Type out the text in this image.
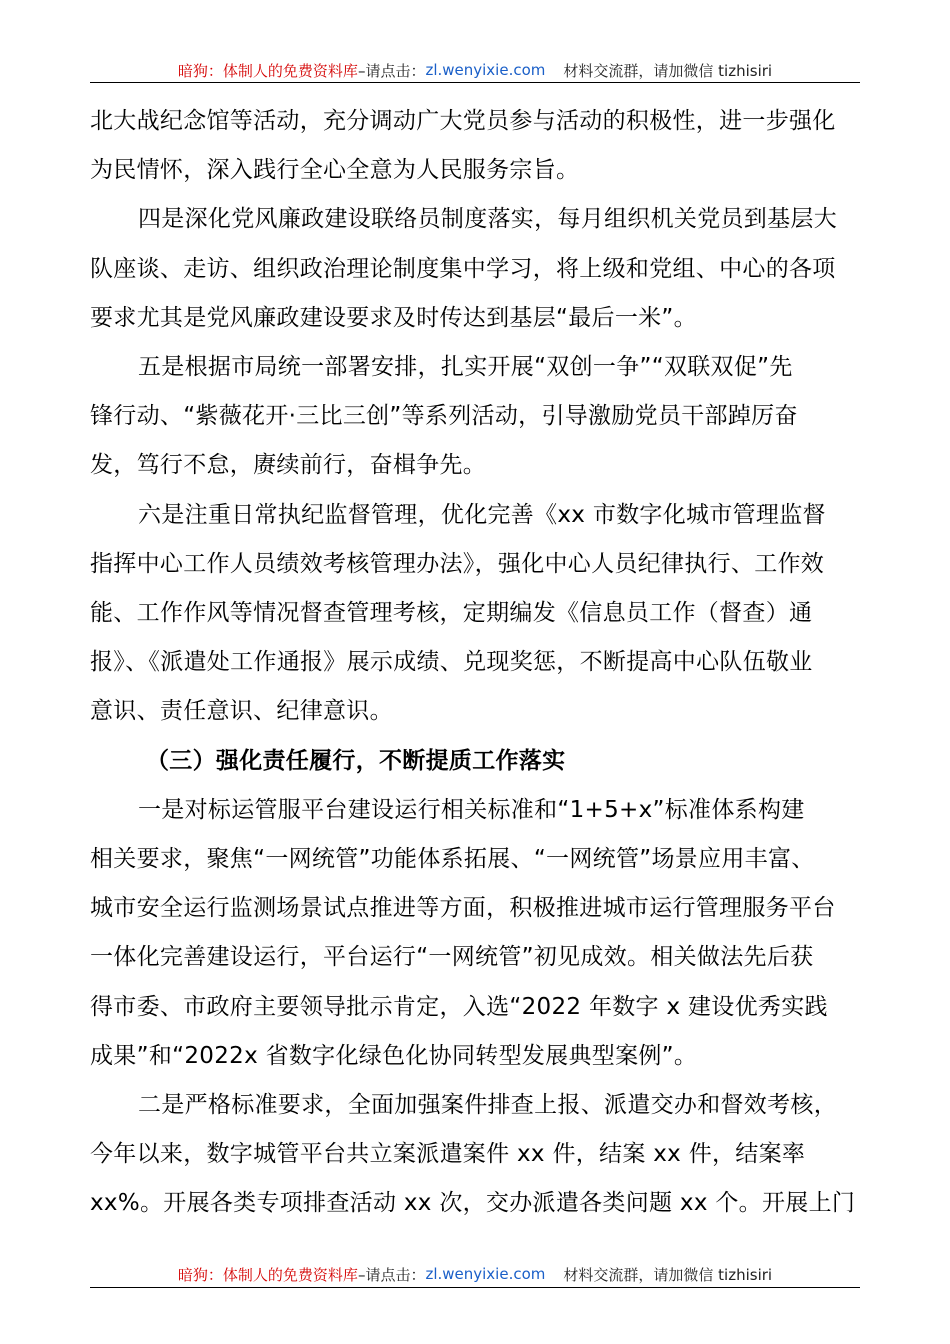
暗狗：体制人的免费资料库 –请点击： zl.wenyixie.com 材料交流群，请加微信 tizhisiri

北大战纪念馆等活动，充分调动广大党员参与活动的积极性，进一步强化

为民情怀，深入践行全心全意为人民服务宗旨。

四是深化党风廉政建设联络员制度落实，每月组织机关党员到基层大

队座谈、走访、组织政治理论制度集中学习，将上级和党组、中心的各项

要求尤其是党风廉政建设要求及时传达到基层“最后一米”。

五是根据市局统一部署安排，扎实开展“双创一争”“双联双促”先

锋行动、“紫薇花开·三比三创”等系列活动，引导激励党员干部踔厉奋

发，笃行不怠，赓续前行，奋楫争先。

六是注重日常执纪监督管理，优化完善《xx 市数字化城市管理监督

指挥中心工作人员绩效考核管理办法》，强化中心人员纪律执行、工作效

能、工作作风等情况督查管理考核，定期编发《信息员工作（督查）通

报》、《派遣处工作通报》展示成绩、兑现奖惩，不断提高中心队伍敬业

意识、责任意识、纪律意识。

（三）强化责任履行，不断提质工作落实

一是对标运管服平台建设运行相关标准和“1+5+x”标准体系构建

相关要求，聚焦“一网统管”功能体系拓展、“一网统管”场景应用丰富、

城市安全运行监测场景试点推进等方面，积极推进城市运行管理服务平台

一体化完善建设运行，平台运行“一网统管”初见成效。相关做法先后获

得市委、市政府主要领导批示肯定，入选“2022 年数字 x 建设优秀实践

成果”和“2022x 省数字化绿色化协同转型发展典型案例”。

二是严格标准要求，全面加强案件排查上报、派遣交办和督效考核，

今年以来，数字城管平台共立案派遣案件 xx 件，结案 xx 件，结案率

xx%。开展各类专项排查活动 xx 次，交办派遣各类问题 xx 个。开展上门

暗狗：体制人的免费资料库 –请点击： zl.wenyixie.com 材料交流群，请加微信 tizhisiri
